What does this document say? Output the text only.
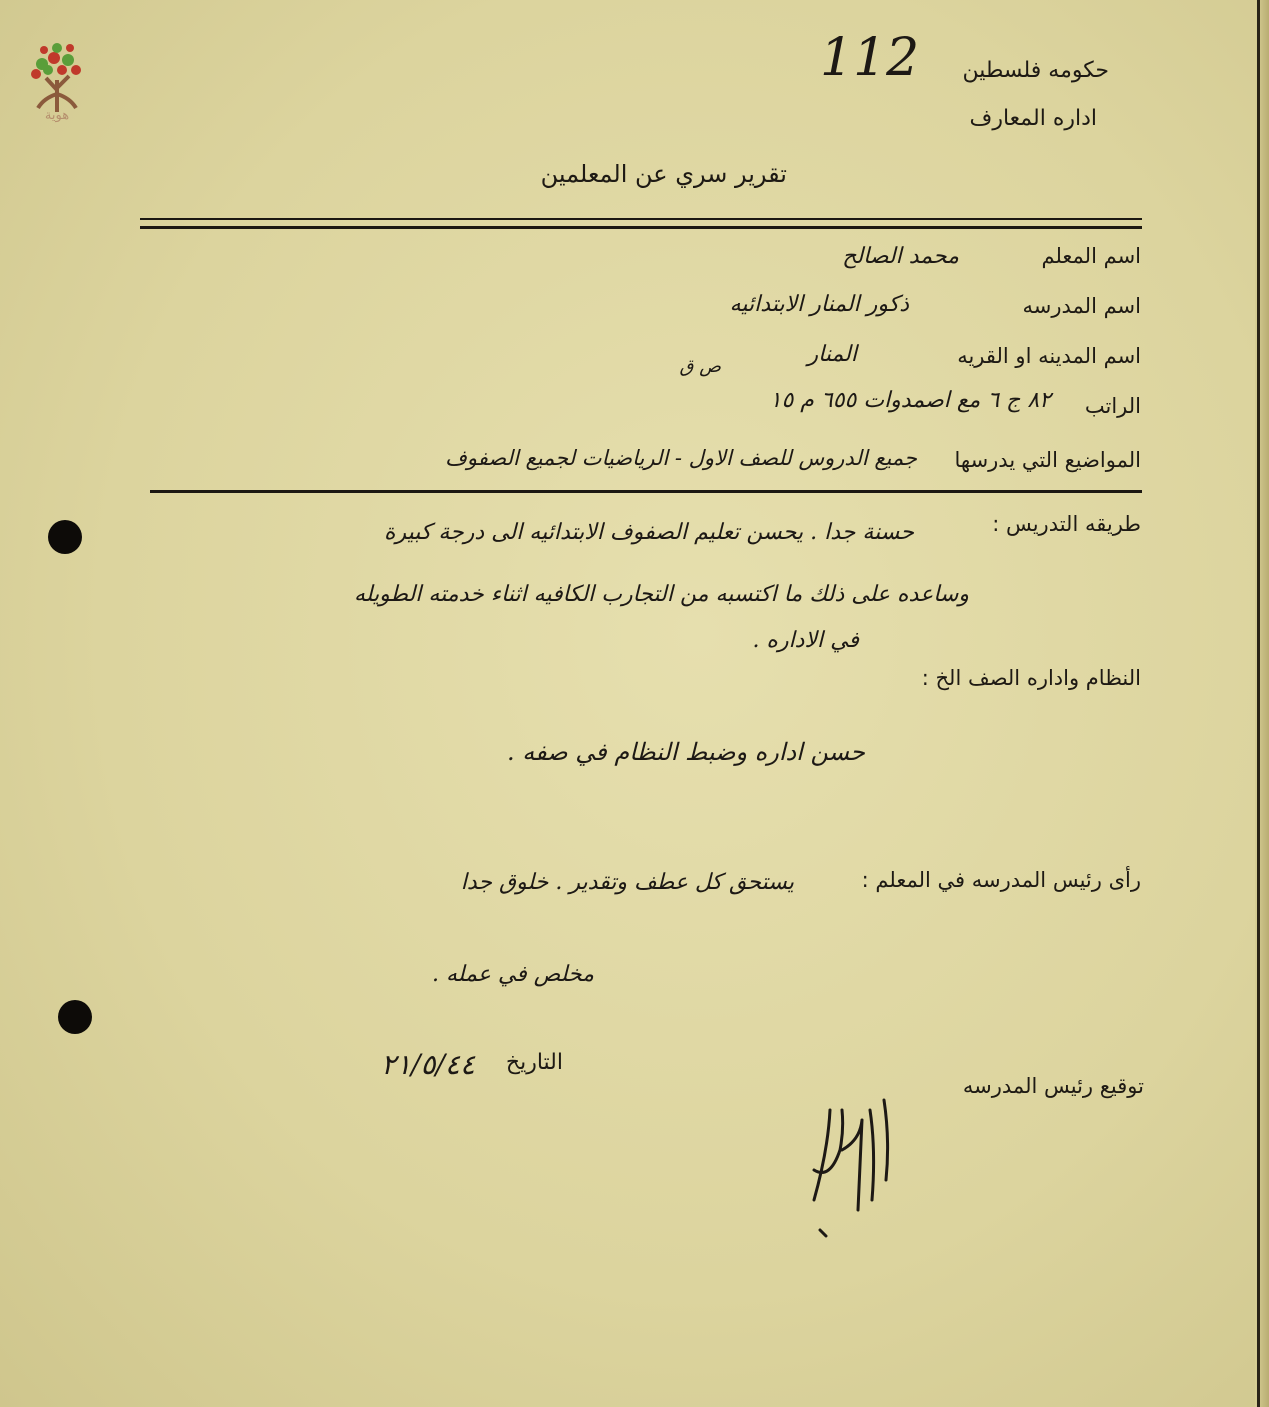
هوية
حكومه فلسطين
112
اداره المعارف
تقرير سري عن المعلمين
اسم المعلم
محمد الصالح
اسم المدرسه
ذكور المنار الابتدائيه
اسم المدينه او القريه
المنار
ص ق
الراتب
٨٢ ج ٦ مع اصمدوات ٦٥٥ م ١٥
المواضيع التي يدرسها
جميع الدروس للصف الاول - الرياضيات لجميع الصفوف
طريقه التدريس :
حسنة جدا . يحسن تعليم الصفوف الابتدائيه الى درجة كبيرة
وساعده على ذلك ما اكتسبه من التجارب الكافيه اثناء خدمته الطويله
في الاداره .
النظام واداره الصف الخ :
حسن اداره وضبط النظام في صفه .
رأى رئيس المدرسه في المعلم :
يستحق كل عطف وتقدير . خلوق جدا
مخلص في عمله .
التاريخ
٢١/٥/٤٤
توقيع رئيس المدرسه
